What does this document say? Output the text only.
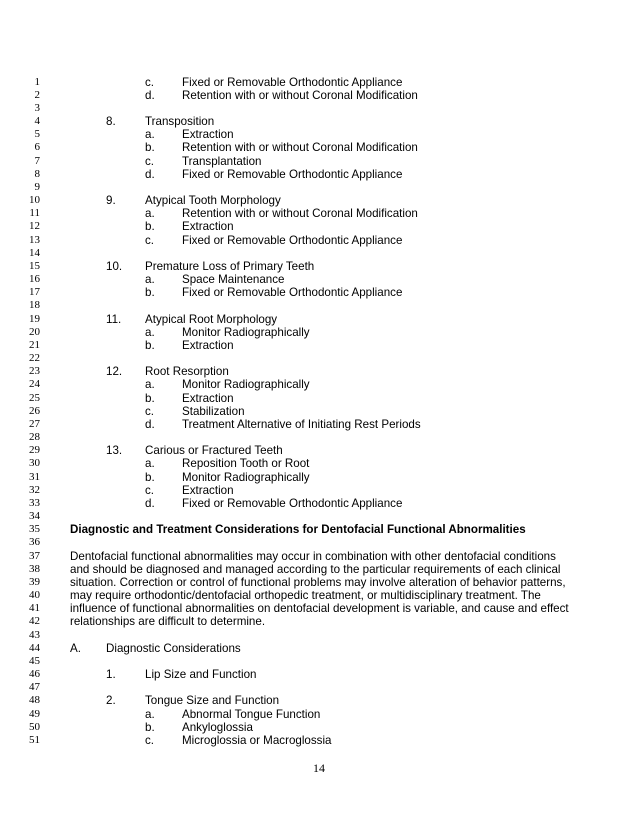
1	c. Fixed or Removable Orthodontic Appliance
2	d. Retention with or without Coronal Modification
3
4	8.	Transposition
5	a. Extraction
6	b. Retention with or without Coronal Modification
7	c. Transplantation
8	d. Fixed or Removable Orthodontic Appliance
9
10	9.	Atypical Tooth Morphology
11	a. Retention with or without Coronal Modification
12	b. Extraction
13	c. Fixed or Removable Orthodontic Appliance
14
15	10. Premature Loss of Primary Teeth
16	a. Space Maintenance
17	b. Fixed or Removable Orthodontic Appliance
18
19	11. Atypical Root Morphology
20	a. Monitor Radiographically
21	b. Extraction
22
23	12. Root Resorption
24	a. Monitor Radiographically
25	b. Extraction
26	c. Stabilization
27	d. Treatment Alternative of Initiating Rest Periods
28
29	13. Carious or Fractured Teeth
30	a. Reposition Tooth or Root
31	b. Monitor Radiographically
32	c. Extraction
33	d. Fixed or Removable Orthodontic Appliance
34
35	Diagnostic and Treatment Considerations for Dentofacial Functional Abnormalities
36
37	Dentofacial functional abnormalities may occur in combination with other dentofacial conditions
38	and should be diagnosed and managed according to the particular requirements of each clinical
39	situation. Correction or control of functional problems may involve alteration of behavior patterns,
40	may require orthodontic/dentofacial orthopedic treatment, or multidisciplinary treatment. The
41	influence of functional abnormalities on dentofacial development is variable, and cause and effect
42	relationships are difficult to determine.
43
44	A. Diagnostic Considerations
45
46	1.	Lip Size and Function
47
48	2.	Tongue Size and Function
49	a. Abnormal Tongue Function
50	b. Ankyloglossia
51	c. Microglossia or Macroglossia
14
